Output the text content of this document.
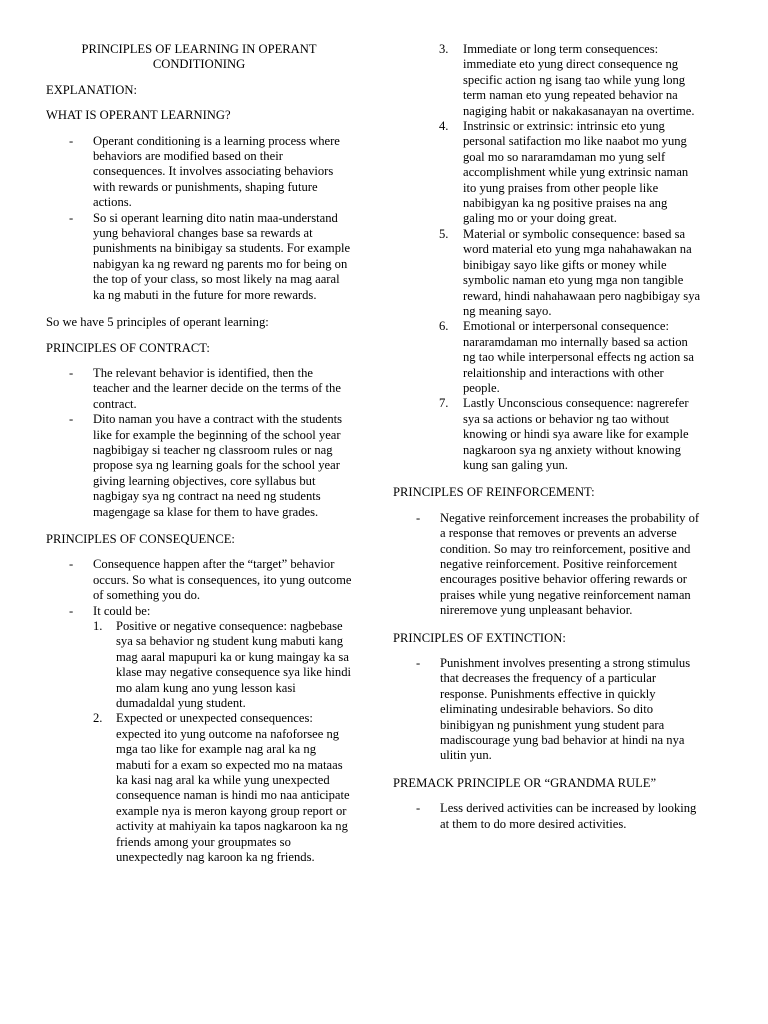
PRINCIPLES OF LEARNING IN OPERANT CONDITIONING

EXPLANATION:

WHAT IS OPERANT LEARNING?

- Operant conditioning is a learning process where behaviors are modified based on their consequences. It involves associating behaviors with rewards or punishments, shaping future actions.
- So si operant learning dito natin maa-understand yung behavioral changes base sa rewards at punishments na binibigay sa students. For example nabigyan ka ng reward ng parents mo for being on the top of your class, so most likely na mag aaral ka ng mabuti in the future for more rewards.

So we have 5 principles of operant learning:

PRINCIPLES OF CONTRACT:

- The relevant behavior is identified, then the teacher and the learner decide on the terms of the contract.
- Dito naman you have a contract with the students like for example the beginning of the school year nagbibigay si teacher ng classroom rules or nag propose sya ng learning goals for the school year giving learning objectives, core syllabus but nagbigay sya ng contract na need ng students magengage sa klase for them to have grades.

PRINCIPLES OF CONSEQUENCE:

- Consequence happen after the “target” behavior occurs. So what is consequences, ito yung outcome of something you do.
- It could be:
1. Positive or negative consequence: nagbebase sya sa behavior ng student kung mabuti kang mag aaral mapupuri ka or kung maingay ka sa klase may negative consequence sya like hindi mo alam kung ano yung lesson kasi dumadaldal yung student.
2. Expected or unexpected consequences: expected ito yung outcome na nafoforsee ng mga tao like for example nag aral ka ng mabuti for a exam so expected mo na mataas ka kasi nag aral ka while yung unexpected consequence naman is hindi mo naa anticipate example nya is meron kayong group report or activity at mahiyain ka tapos nagkaroon ka ng friends among your groupmates so unexpectedly nag karoon ka ng friends.
3. Immediate or long term consequences: immediate eto yung direct consequence ng specific action ng isang tao while yung long term naman eto yung repeated behavior na nagiging habit or nakakasanayan na overtime.
4. Instrinsic or extrinsic: intrinsic eto yung personal satifaction mo like naabot mo yung goal mo so nararamdaman mo yung self accomplishment while yung extrinsic naman ito yung praises from other people like nabibigyan ka ng positive praises na ang galing mo or your doing great.
5. Material or symbolic consequence: based sa word material eto yung mga nahahawakan na binibigay sayo like gifts or money while symbolic naman eto yung mga non tangible reward, hindi nahahawaan pero nagbibigay sya ng meaning sayo.
6. Emotional or interpersonal consequence: nararamdaman mo internally based sa action ng tao while interpersonal effects ng action sa relaitionship and interactions with other people.
7. Lastly Unconscious consequence: nagrerefer sya sa actions or behavior ng tao without knowing or hindi sya aware like for example nagkaroon sya ng anxiety without knowing kung san galing yun.

PRINCIPLES OF REINFORCEMENT:

- Negative reinforcement increases the probability of a response that removes or prevents an adverse condition. So may tro reinforcement, positive and negative reinforcement. Positive reinforcement encourages positive behavior offering rewards or praises while yung negative reinforcement naman nireremove yung unpleasant behavior.

PRINCIPLES OF EXTINCTION:

- Punishment involves presenting a strong stimulus that decreases the frequency of a particular response. Punishments effective in quickly eliminating undesirable behaviors. So dito binibigyan ng punishment yung student para madiscourage yung bad behavior at hindi na nya ulitin yun.

PREMACK PRINCIPLE OR “GRANDMA RULE”

- Less derived activities can be increased by looking at them to do more desired activities.
